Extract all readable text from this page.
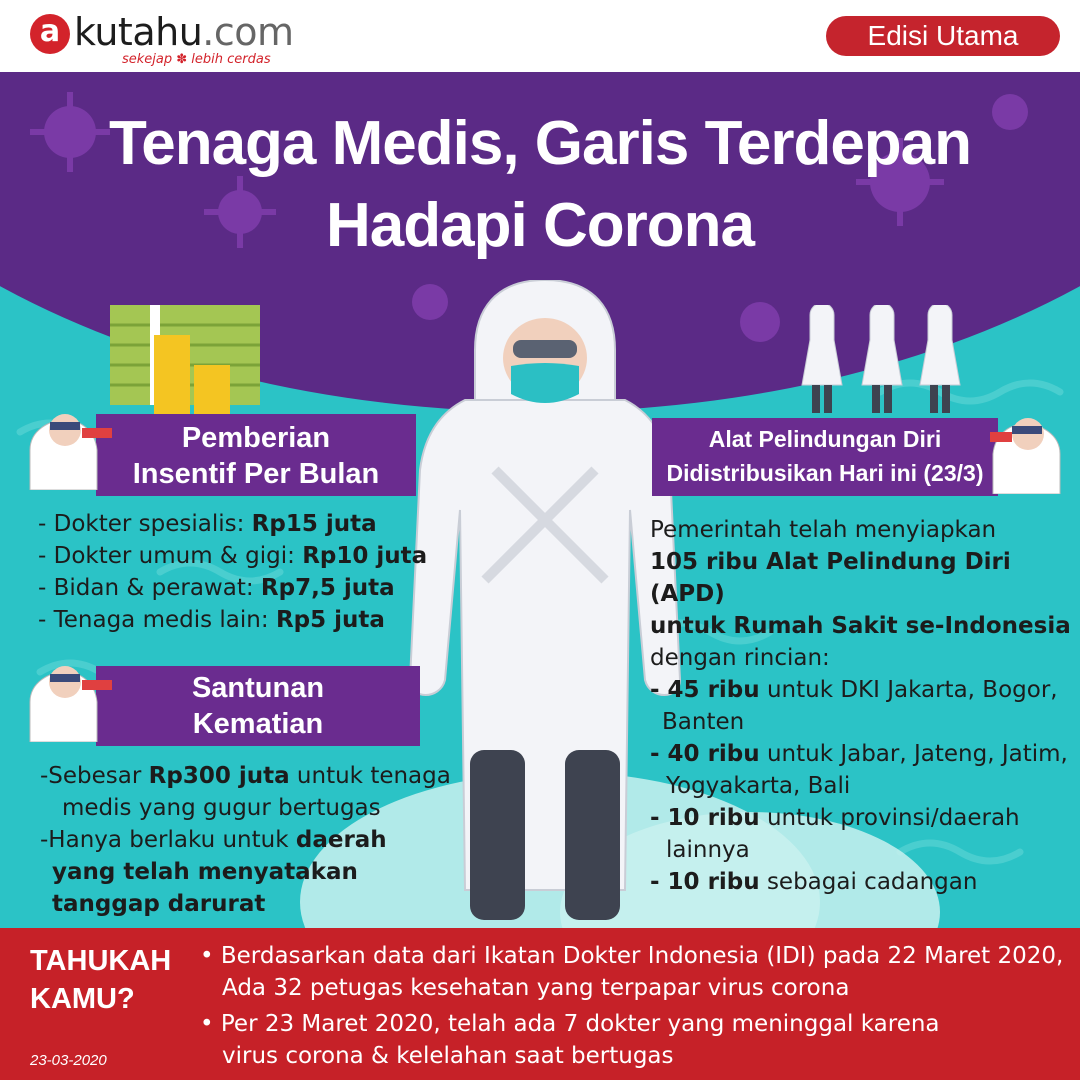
a kutahu.com
sekejap ✽ lebih cerdas
Edisi Utama
Tenaga Medis, Garis Terdepan
Hadapi Corona
Pemberian
Insentif Per Bulan
- Dokter spesialis: Rp15 juta
- Dokter umum & gigi: Rp10 juta
- Bidan & perawat: Rp7,5 juta
- Tenaga medis lain: Rp5 juta
Santunan
Kematian
-Sebesar Rp300 juta untuk tenaga
medis yang gugur bertugas
-Hanya berlaku untuk daerah
yang telah menyatakan
tanggap darurat
Alat Pelindungan Diri
Didistribusikan Hari ini (23/3)
Pemerintah telah menyiapkan
105 ribu Alat Pelindung Diri (APD)
untuk Rumah Sakit se-Indonesia
dengan rincian:
- 45 ribu untuk DKI Jakarta, Bogor,
Banten
- 40 ribu untuk Jabar, Jateng, Jatim,
Yogyakarta, Bali
- 10 ribu untuk provinsi/daerah
lainnya
- 10 ribu sebagai cadangan
TAHUKAH
KAMU?
• Berdasarkan data dari Ikatan Dokter Indonesia (IDI) pada 22 Maret 2020,
Ada 32 petugas kesehatan yang terpapar virus corona
• Per 23 Maret 2020, telah ada 7 dokter yang meninggal karena
virus corona & kelelahan saat bertugas
23-03-2020
